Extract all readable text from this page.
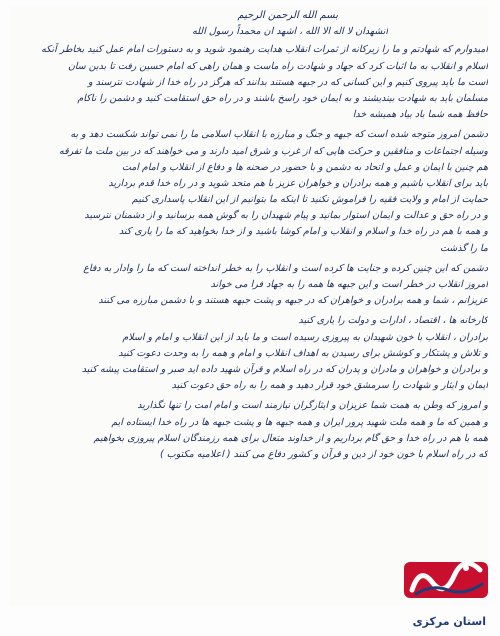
بسم الله الرحمن الرحیم
انشهدان لا اله الا الله ، اشهد ان محمداً رسول الله
امیدوارم که شهادتم و ما را زیرکانه از ثمرات انقلاب هدایت رهنمود شوید و به دستورات امام عمل کنید بخاطر آنکه
اسلام و انقلاب به ما اثبات کرد که جهاد و شهادت راه ماست و همان راهی که امام حسین رفت تا بدین سان
است ما باید پیروی کنیم و این کسانی که در جبهه هستند بدانند که هرگز در راه خدا از شهادت نترسند و
مسلمان باید به شهادت بیندیشند و به ایمان خود راسخ باشند و در راه حق استقامت کنید و دشمن را ناکام
حافظ همه شما باد بیاد همیشه خدا
دشمن امروز متوجه شده است که جبهه و جنگ و مبارزه با انقلاب اسلامی ما را نمی تواند شکست دهد و به
وسیله اجتماعات و منافقین و حرکت هایی که از غرب و شرق امید دارند و می خواهند که در بین ملت ما تفرقه
هم چنین با ایمان و عمل و اتحاد به دشمن و با حضور در صحنه ها و دفاع از انقلاب و امام امت
باید برای انقلاب باشیم و همه برادران و خواهران عزیز با هم متحد شوید و در راه خدا قدم بردارید
حمایت از امام و ولایت فقیه را فراموش نکنید تا اینکه ما بتوانیم از این انقلاب پاسداری کنیم
و در راه حق و عدالت و ایمان استوار بمانید و پیام شهیدان را به گوش همه برسانید و از دشمنان نترسید
و همه با هم در راه خدا و اسلام و انقلاب و امام کوشا باشید و از خدا بخواهید که ما را یاری کند
ما را گذشت
دشمن که این چنین کرده و جنایت ها کرده است و انقلاب را به خطر انداخته است که ما را وادار به دفاع
امروز انقلاب در خطر است و این جبهه ها همه را به جهاد فرا می خواند
عزیزانم ، شما و همه برادران و خواهران که در جبهه و پشت جبهه هستند و با دشمن مبارزه می کنند
کارخانه ها ، اقتصاد ، ادارات و دولت را یاری کنید
برادران ، انقلاب با خون شهیدان به پیروزی رسیده است و ما باید از این انقلاب و امام و اسلام
و تلاش و پشتکار و کوشش برای رسیدن به اهداف انقلاب و امام و همه را به وحدت دعوت کنید
و برادران و خواهران و مادران و پدران که در راه اسلام و قرآن شهید داده اید صبر و استقامت پیشه کنید
ایمان و ایثار و شهادت را سرمشق خود قرار دهید و همه را به راه حق دعوت کنید
و امروز که وطن به همت شما عزیزان و ایثارگران نیازمند است و امام امت را تنها نگذارید
و همین که ما و همه ملت شهید پرور ایران و همه جبهه ها و پشت جبهه ها در راه خدا ایستاده ایم
همه با هم در راه خدا و حق گام برداریم و از خداوند متعال برای همه رزمندگان اسلام پیروزی بخواهیم
که در راه اسلام با خون خود از دین و قرآن و کشور دفاع می کنند ( اعلامیه مکتوب )
استان مرکزی
